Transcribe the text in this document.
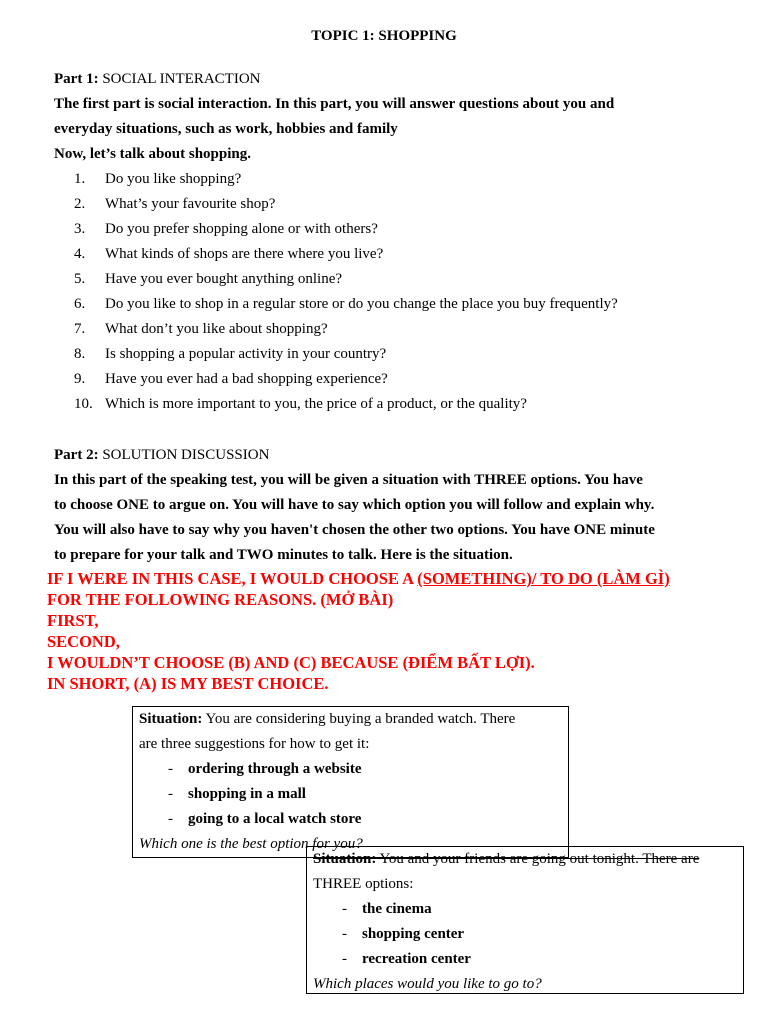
TOPIC 1: SHOPPING
Part 1: SOCIAL INTERACTION
The first part is social interaction. In this part, you will answer questions about you and
everyday situations, such as work, hobbies and family
Now, let’s talk about shopping.
1.	Do you like shopping?
2.	What’s your favourite shop?
3.	Do you prefer shopping alone or with others?
4.	What kinds of shops are there where you live?
5.	Have you ever bought anything online?
6.	Do you like to shop in a regular store or do you change the place you buy frequently?
7.	What don’t you like about shopping?
8.	Is shopping a popular activity in your country?
9.	Have you ever had a bad shopping experience?
10. Which is more important to you, the price of a product, or the quality?
Part 2: SOLUTION DISCUSSION
In this part of the speaking test, you will be given a situation with THREE options. You have
to choose ONE to argue on. You will have to say which option you will follow and explain why.
You will also have to say why you haven't chosen the other two options. You have ONE minute
to prepare for your talk and TWO minutes to talk. Here is the situation.
IF I WERE IN THIS CASE, I WOULD CHOOSE A (SOMETHING)/ TO DO (LÀM GÌ)
FOR THE FOLLOWING REASONS. (MỞ BÀI)
FIRST,
SECOND,
I WOULDN’T CHOOSE (B) AND (C) BECAUSE (ĐIỂM BẤT LỢI).
IN SHORT, (A) IS MY BEST CHOICE.
Situation: You are considering buying a branded watch. There
are three suggestions for how to get it:
- ordering through a website
- shopping in a mall
- going to a local watch store
Which one is the best option for you?
Situation: You and your friends are going out tonight. There are
THREE options:
- the cinema
- shopping center
- recreation center
Which places would you like to go to?
